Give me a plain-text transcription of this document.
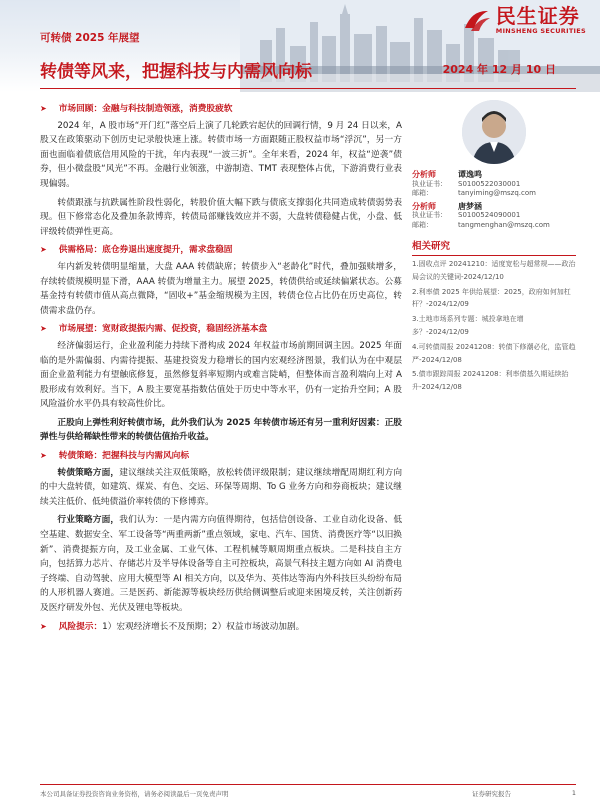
民生证券
MINSHENG SECURITIES
可转债 2025 年展望
转债等风来，把握科技与内需风向标	2024 年 12 月 10 日
➤ 市场回顾：金融与科技制造领涨，消费股疲软

2024 年，A 股市场“开门红”落空后上演了几轮跌宕起伏的回调行情，9 月 24 日以来，A 股又在政策驱动下创历史记录般快速上涨。转债市场一方面跟随正股权益市场“浮沉”，另一方面也面临着债底信用风险的干扰，年内表现“一波三折”。全年来看，2024 年，权益“逆袭”债券，但小微盘股“风光”不再。金融行业领涨，中游制造、TMT 表现整体占优，下游消费行业表现偏弱。

转债跟涨与抗跌属性阶段性弱化，转股价值大幅下跌与债底支撑弱化共同造成转债弱势表现。但下修常态化及叠加条款博弈，转债局部赚钱效应并不弱，大盘转债稳健占优，小盘、低评级转债弹性更高。

➤ 供需格局：底仓券退出速度提升，需求盘稳固

年内新发转债明显缩量，大盘 AAA 转债缺席；转债步入“老龄化”时代，叠加强赎增多，存续转债规模明显下滑，AAA 转债为增量主力。展望 2025，转债供给或延续偏紧状态。公募基金持有转债市值从高点微降，“固收+”基金缩规模为主因，转债仓位占比仍在历史高位，转债需求盘仍存。

➤ 市场展望：宽财政提振内需、促投资，稳固经济基本盘

经济偏弱运行，企业盈利能力持续下滑构成 2024 年权益市场前期回调主因。2025 年面临的是外需偏弱、内需待提振、基建投资发力稳增长的国内宏观经济图景，我们认为在中观层面企业盈利能力有望触底修复，虽然修复斜率短期内或难言陡峭，但整体而言盈利端向上对 A 股形成有效利好。当下，A 股主要宽基指数估值处于历史中等水平，仍有一定抬升空间；A 股风险溢价水平仍具有较高性价比。

正股向上弹性利好转债市场，此外我们认为 2025 年转债市场还有另一重利好因素：正股弹性与供给稀缺性带来的转债估值抬升收益。

➤ 转债策略：把握科技与内需风向标

转债策略方面，建议继续关注双低策略，放松转债评级限制；建议继续增配周期红利方向的中大盘转债，如建筑、煤炭、有色、交运、环保等周期、To G 业务方向和券商板块；建议继续关注低价、低纯债溢价率转债的下修博弈。

行业策略方面，我们认为：一是内需方向值得期待，包括信创设备、工业自动化设备、低空基建、数据安全、军工设备等“两重两新”重点领域，家电、汽车、国货、消费医疗等“以旧换新”、消费提振方向，及工业金属、工业气体、工程机械等顺周期重点板块。二是科技自主方向，包括算力芯片、存储芯片及半导体设备等自主可控板块，高景气科技主题方向如 AI 消费电子终端、自动驾驶、应用大模型等 AI 相关方向，以及华为、英伟达等海内外科技巨头纷纷布局的人形机器人赛道。三是医药、新能源等板块经历供给侧调整后或迎来困境反转，关注创新药及医疗研发外包、光伏及锂电等板块。

➤ 风险提示： 1）宏观经济增长不及预期；2）权益市场波动加剧。
分析师	谭逸鸣
执业证书：	S0100522030001
邮箱：	tanyiming@mszq.com
分析师	唐梦涵
执业证书：	S0100524090001
邮箱：	tangmenghan@mszq.com
相关研究
1.固收点评 20241210：适度宽松与超常规——政治局会议的关键词-2024/12/10
2.利率债 2025 年供给展望：2025，政府如何加杠杆？-2024/12/09
3.土地市场系列专题：城投拿地在增多？-2024/12/09
4.可转债周报 20241208：转债下修潮必化，监管趋严-2024/12/08
5.债市跟踪周报 20241208：利率债基久期延续抬升-2024/12/08
本公司具备证券投资咨询业务资格，请务必阅读最后一页免责声明	证券研究报告	1
